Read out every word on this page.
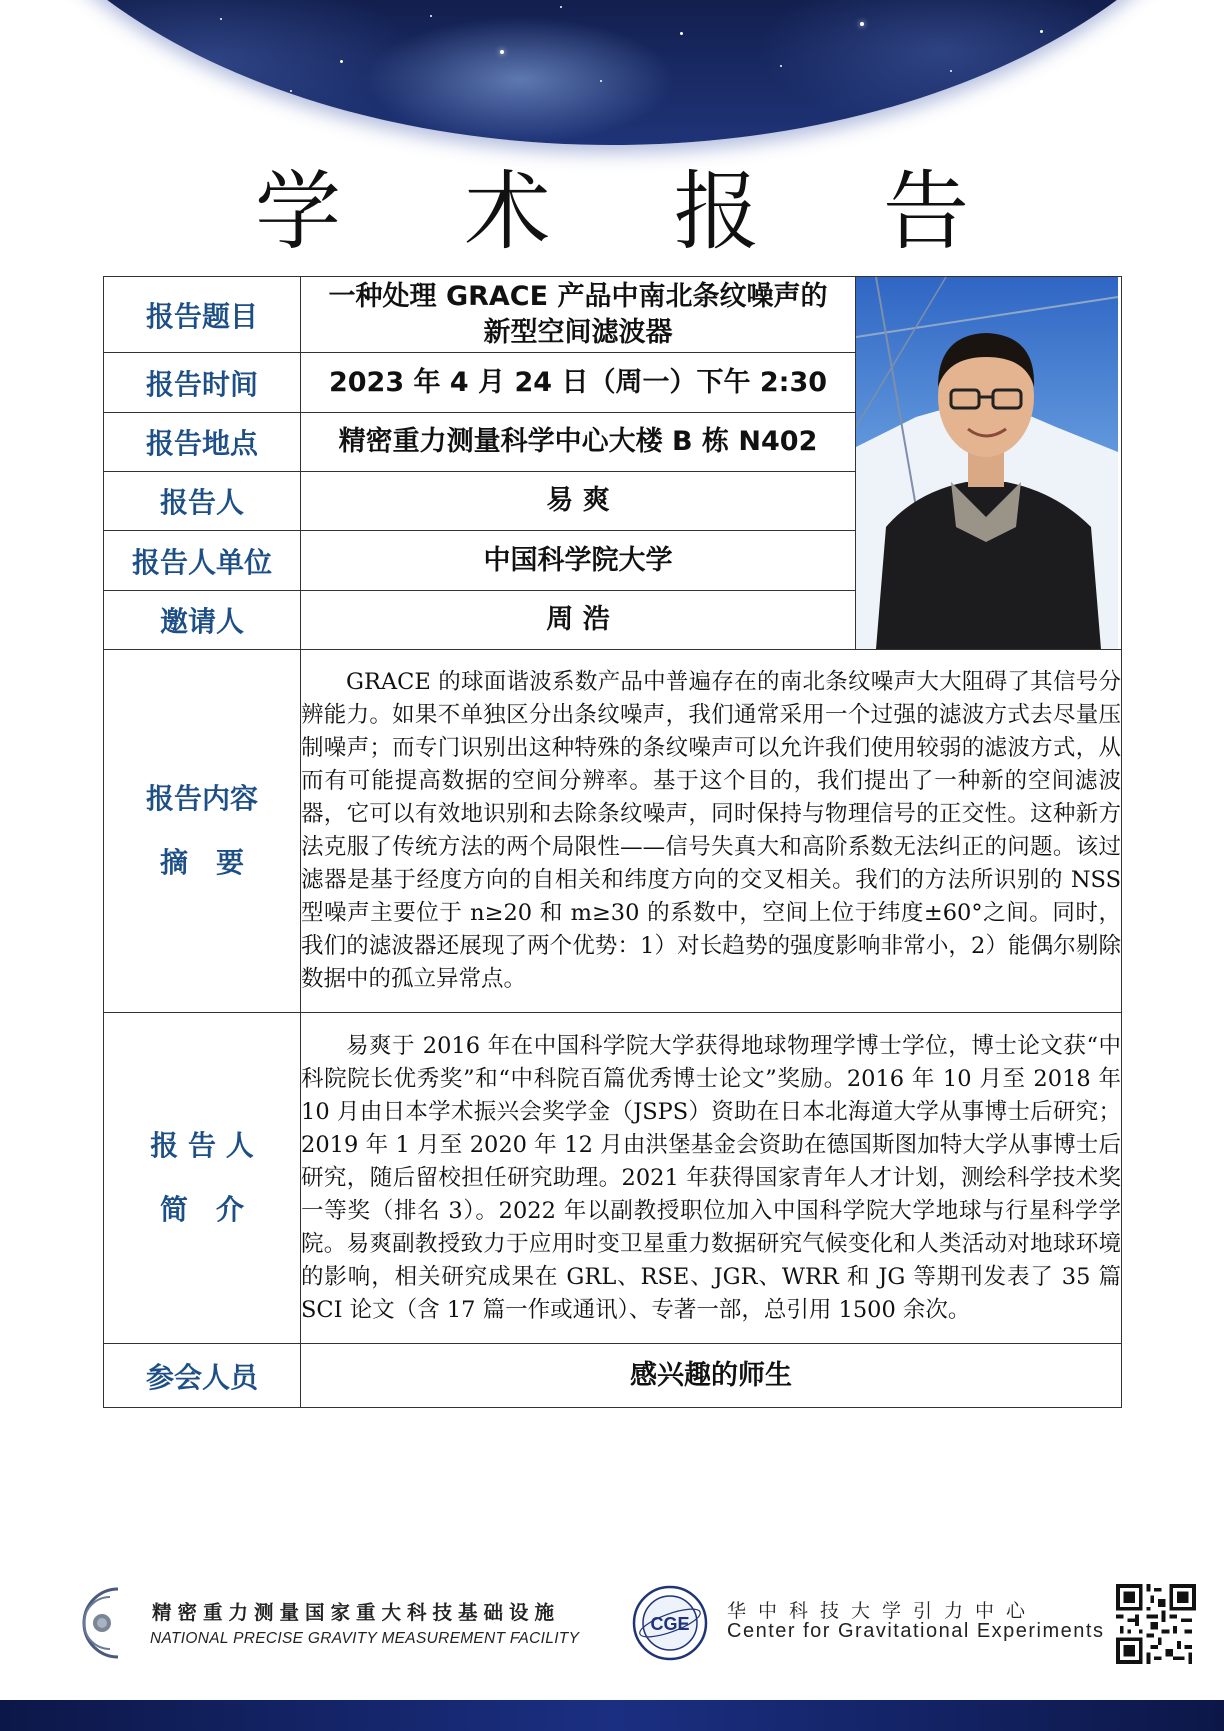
学 术 报 告
报告题目	一种处理 GRACE 产品中南北条纹噪声的
新型空间滤波器

报告时间	2023 年 4 月 24 日（周一）下午 2:30	
报告地点	精密重力测量科学中心大楼 B 栋 N402	
报告人	易 爽	
报告人单位	中国科学院大学	
邀请人	周 浩	

报告内容
摘　要	GRACE 的球面谐波系数产品中普遍存在的南北条纹噪声大大阻碍了其信号分辨能力。如果不单独区分出条纹噪声，我们通常采用一个过强的滤波方式去尽量压制噪声；而专门识别出这种特殊的条纹噪声可以允许我们使用较弱的滤波方式，从而有可能提高数据的空间分辨率。基于这个目的，我们提出了一种新的空间滤波器，它可以有效地识别和去除条纹噪声，同时保持与物理信号的正交性。这种新方法克服了传统方法的两个局限性——信号失真大和高阶系数无法纠正的问题。该过滤器是基于经度方向的自相关和纬度方向的交叉相关。我们的方法所识别的 NSS 型噪声主要位于 n≥20 和 m≥30 的系数中，空间上位于纬度±60°之间。同时，我们的滤波器还展现了两个优势：1）对长趋势的强度影响非常小，2）能偶尔剔除数据中的孤立异常点。	

报 告 人
简　介	易爽于 2016 年在中国科学院大学获得地球物理学博士学位，博士论文获“中科院院长优秀奖”和“中科院百篇优秀博士论文”奖励。2016 年 10 月至 2018 年 10 月由日本学术振兴会奖学金（JSPS）资助在日本北海道大学从事博士后研究；2019 年 1 月至 2020 年 12 月由洪堡基金会资助在德国斯图加特大学从事博士后研究，随后留校担任研究助理。2021 年获得国家青年人才计划，测绘科学技术奖一等奖（排名 3）。2022 年以副教授职位加入中国科学院大学地球与行星科学学院。易爽副教授致力于应用时变卫星重力数据研究气候变化和人类活动对地球环境的影响，相关研究成果在 GRL、RSE、JGR、WRR 和 JG 等期刊发表了 35 篇 SCI 论文（含 17 篇一作或通讯）、专著一部，总引用 1500 余次。	

参会人员	感兴趣的师生	
精密重力测量国家重大科技基础设施
NATIONAL PRECISE GRAVITY MEASUREMENT FACILITY
CGE
华中科技大学引力中心
Center for Gravitational Experiments
